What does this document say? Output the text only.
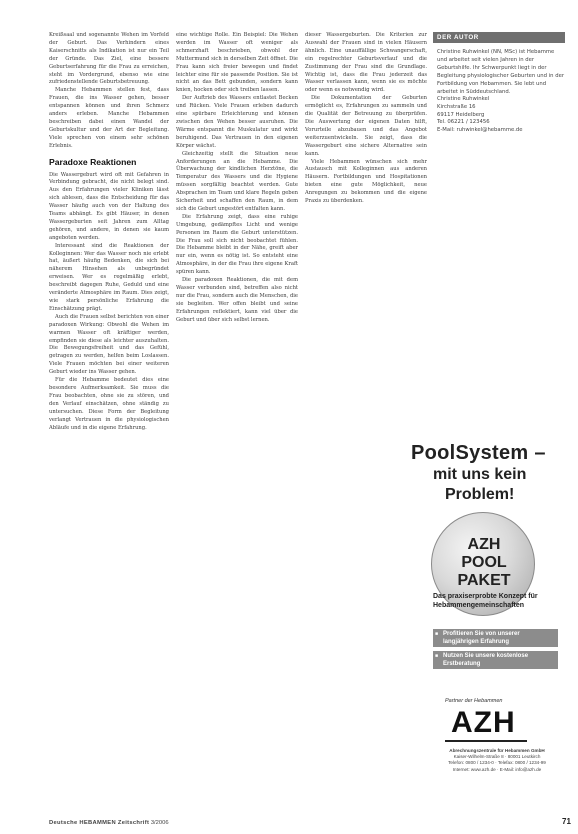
Kreißsaal und sogenannte Wehen im Vorfeld der Geburt. Das Verhindern eines Kaiserschnitts als Indikation ist nur ein Teil der Gründe. Das Ziel, eine bessere Geburtserfahrung für die Frau zu erreichen, steht im Vordergrund, ebenso wie eine zufriedenstellende Geburtsbetreuung.

Manche Hebammen stellen fest, dass Frauen, die ins Wasser gehen, besser entspannen können und ihren Schmerz anders erleben. Manche Hebammen beschreiben dabei einen Wandel der Geburtskultur und der Art der Begleitung. Viele sprechen von einem sehr schönen Erlebnis.

Paradoxe Reaktionen

Die Wassergeburt wird oft mit Gefahren in Verbindung gebracht, die nicht belegt sind. Aus den Erfahrungen vieler Kliniken lässt sich ablesen, dass die Entscheidung für das Wasser häufig auch von der Haltung des Teams abhängt. Es gibt Häuser, in denen Wassergeburten seit Jahren zum Alltag gehören, und andere, in denen sie kaum angeboten werden.

Interessant sind die Reaktionen der Kolleginnen: Wer das Wasser noch nie erlebt hat, äußert häufig Bedenken, die sich bei näherem Hinsehen als unbegründet erweisen. Wer es regelmäßig erlebt, beschreibt dagegen Ruhe, Geduld und eine veränderte Atmosphäre im Raum. Dies zeigt, wie stark persönliche Erfahrung die Einschätzung prägt.

Auch die Frauen selbst berichten von einer paradoxen Wirkung: Obwohl die Wehen im warmen Wasser oft kräftiger werden, empfinden sie diese als leichter auszuhalten. Die Bewegungsfreiheit und das Gefühl, getragen zu werden, helfen beim Loslassen. Viele Frauen möchten bei einer weiteren Geburt wieder ins Wasser gehen.

Für die Hebamme bedeutet dies eine besondere Aufmerksamkeit. Sie muss die Frau beobachten, ohne sie zu stören, und den Verlauf einschätzen, ohne ständig zu untersuchen. Diese Form der Begleitung verlangt Vertrauen in die physiologischen Abläufe und in die eigene Erfahrung.

eine wichtige Rolle. Ein Beispiel: Die Wehen werden im Wasser oft weniger als schmerzhaft beschrieben, obwohl der Muttermund sich in derselben Zeit öffnet. Die Frau kann sich freier bewegen und findet leichter eine für sie passende Position. Sie ist nicht an das Bett gebunden, sondern kann knien, hocken oder sich treiben lassen.

Der Auftrieb des Wassers entlastet Becken und Rücken. Viele Frauen erleben dadurch eine spürbare Erleichterung und können zwischen den Wehen besser ausruhen. Die Wärme entspannt die Muskulatur und wirkt beruhigend. Das Vertrauen in den eigenen Körper wächst.

Gleichzeitig stellt die Situation neue Anforderungen an die Hebamme. Die Überwachung der kindlichen Herztöne, die Temperatur des Wassers und die Hygiene müssen sorgfältig beachtet werden. Gute Absprachen im Team und klare Regeln geben Sicherheit und schaffen den Raum, in dem sich die Geburt ungestört entfalten kann.

Die Erfahrung zeigt, dass eine ruhige Umgebung, gedämpftes Licht und wenige Personen im Raum die Geburt unterstützen. Die Frau soll sich nicht beobachtet fühlen. Die Hebamme bleibt in der Nähe, greift aber nur ein, wenn es nötig ist. So entsteht eine Atmosphäre, in der die Frau ihre eigene Kraft spüren kann.

Die paradoxen Reaktionen, die mit dem Wasser verbunden sind, betreffen also nicht nur die Frau, sondern auch die Menschen, die sie begleiten. Wer offen bleibt und seine Erfahrungen reflektiert, kann viel über die Geburt und über sich selbst lernen.

dieser Wassergeburten. Die Kriterien zur Auswahl der Frauen sind in vielen Häusern ähnlich. Eine unauffällige Schwangerschaft, ein regelrechter Geburtsverlauf und die Zustimmung der Frau sind die Grundlage. Wichtig ist, dass die Frau jederzeit das Wasser verlassen kann, wenn sie es möchte oder wenn es notwendig wird.

Die Dokumentation der Geburten ermöglicht es, Erfahrungen zu sammeln und die Qualität der Betreuung zu überprüfen. Die Auswertung der eigenen Daten hilft, Vorurteile abzubauen und das Angebot weiterzuentwickeln. Sie zeigt, dass die Wassergeburt eine sichere Alternative sein kann.

Viele Hebammen wünschen sich mehr Austausch mit Kolleginnen aus anderen Häusern. Fortbildungen und Hospitationen bieten eine gute Möglichkeit, neue Anregungen zu bekommen und die eigene Praxis zu überdenken.

DER AUTOR
Christine Ruhwinkel (NN, MSc) ist Hebamme und arbeitet seit vielen Jahren in der Geburtshilfe. Ihr Schwerpunkt liegt in der Begleitung physiologischer Geburten und in der Fortbildung von Hebammen. Sie lebt und arbeitet in Süddeutschland.
Christine Ruhwinkel
Kirchstraße 16
69117 Heidelberg
Tel. 06221 / 123456
E-Mail: ruhwinkel@hebamme.de
PoolSystem –
mit uns kein
Problem!
AZH
POOL
PAKET
Das praxiserprobte Konzept für Hebammengemeinschaften
■ Profitieren Sie von unserer langjährigen Erfahrung
■ Nutzen Sie unsere kostenlose Erstberatung
Partner der Hebammen
AZH
Abrechnungszentrale für Hebammen GmbH
Kaiser-Wilhelm-Straße 8 · 80001 Leutkirch
Telefon: 0800 / 1234-0 · Telefax: 0800 / 1234-99
Internet: www.azh.de · E-Mail: info@azh.de
Deutsche HEBAMMEN Zeitschrift 3/2006	71
